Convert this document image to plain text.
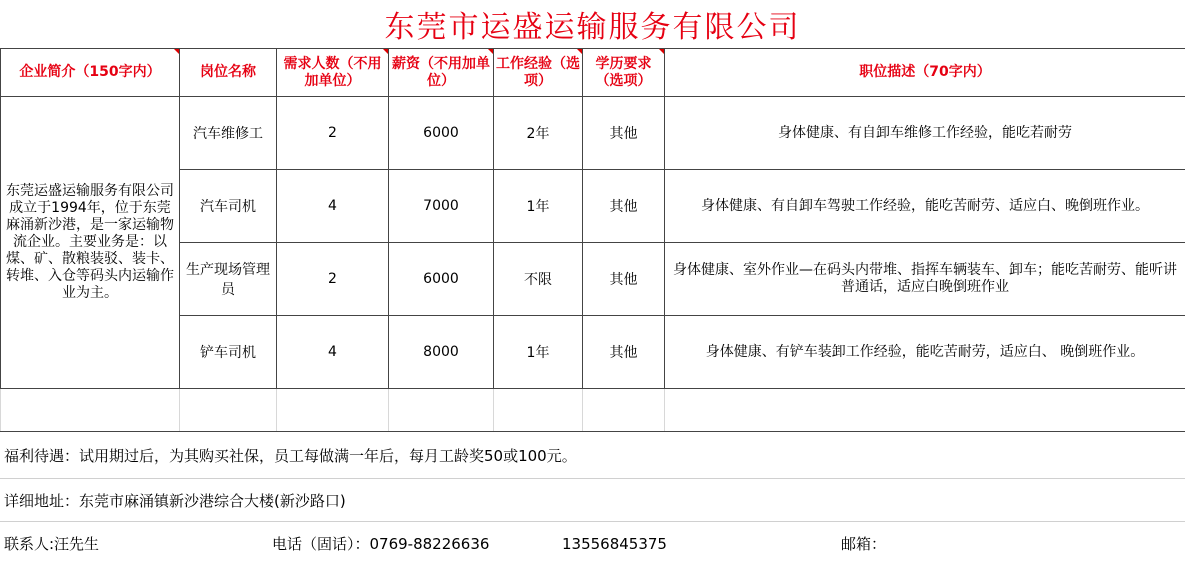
东莞市运盛运输服务有限公司
企业简介（150字内）	岗位名称	需求人数（不用加单位）	薪资（不用加单位）	工作经验（选项）	学历要求（选项）	职位描述（70字内）
东莞运盛运输服务有限公司成立于1994年，位于东莞麻涌新沙港，是一家运输物流企业。主要业务是：以煤、矿、散粮装驳、装卡、转堆、入仓等码头内运输作业为主。	汽车维修工	2	6000	2年	其他	身体健康、有自卸车维修工作经验，能吃若耐劳
	汽车司机	4	7000	1年	其他	身体健康、有自卸车驾驶工作经验，能吃苦耐劳、适应白、晚倒班作业。
	生产现场管理员	2	6000	不限	其他	身体健康、室外作业—在码头内带堆、指挥车辆装车、卸车；能吃苦耐劳、能听讲普通话，适应白晚倒班作业
	铲车司机	4	8000	1年	其他	身体健康、有铲车装卸工作经验，能吃苦耐劳，适应白、 晚倒班作业。

福利待遇：试用期过后，为其购买社保，员工每做满一年后，每月工龄奖50或100元。
详细地址：东莞市麻涌镇新沙港综合大楼(新沙路口)
联系人:汪先生	电话（固话）：0769-88226636	13556845375	邮箱：
